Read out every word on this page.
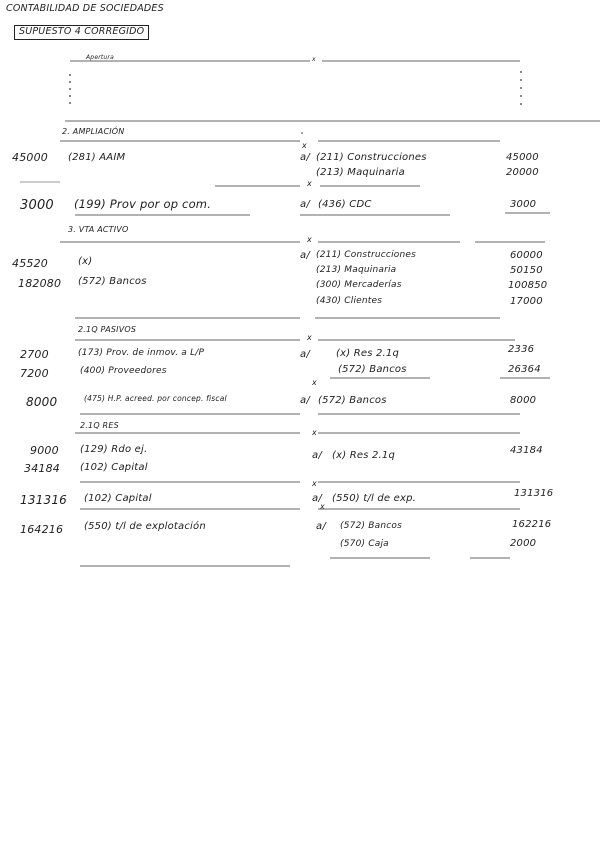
CONTABILIDAD DE SOCIEDADES
SUPUESTO 4 CORREGIDO
Apertura	x
2. AMPLIACIÓN
3. VTA ACTIVO
2.1Q PASIVOS
2.1Q RES
x
45000 (281) AAIM	a/ (211) Construcciones	45000
(213) Maquinaria	20000
x
3000 (199) Prov por op com.	a/ (436) CDC	3000
x
45520	(x)
182080 (572) Bancos
a/ (211) Construcciones	60000
(213) Maquinaria	50150
(300) Mercaderías	100850
(430) Clientes	17000
x
2700	(173) Prov. de inmov. a L/P
7200	(400) Proveedores
a/	(x) Res 2.1q	2336
(572) Bancos	26364
x
8000	(475) H.P. acreed. por concep. fiscal	a/ (572) Bancos	8000
x
9000 (129) Rdo ej.
34184 (102) Capital
a/ (x) Res 2.1q	43184
x
131316 (102) Capital	a/ (550) t/l de exp.	131316
x
164216 (550) t/l de explotación	a/ (572) Bancos	162216
(570) Caja	2000
